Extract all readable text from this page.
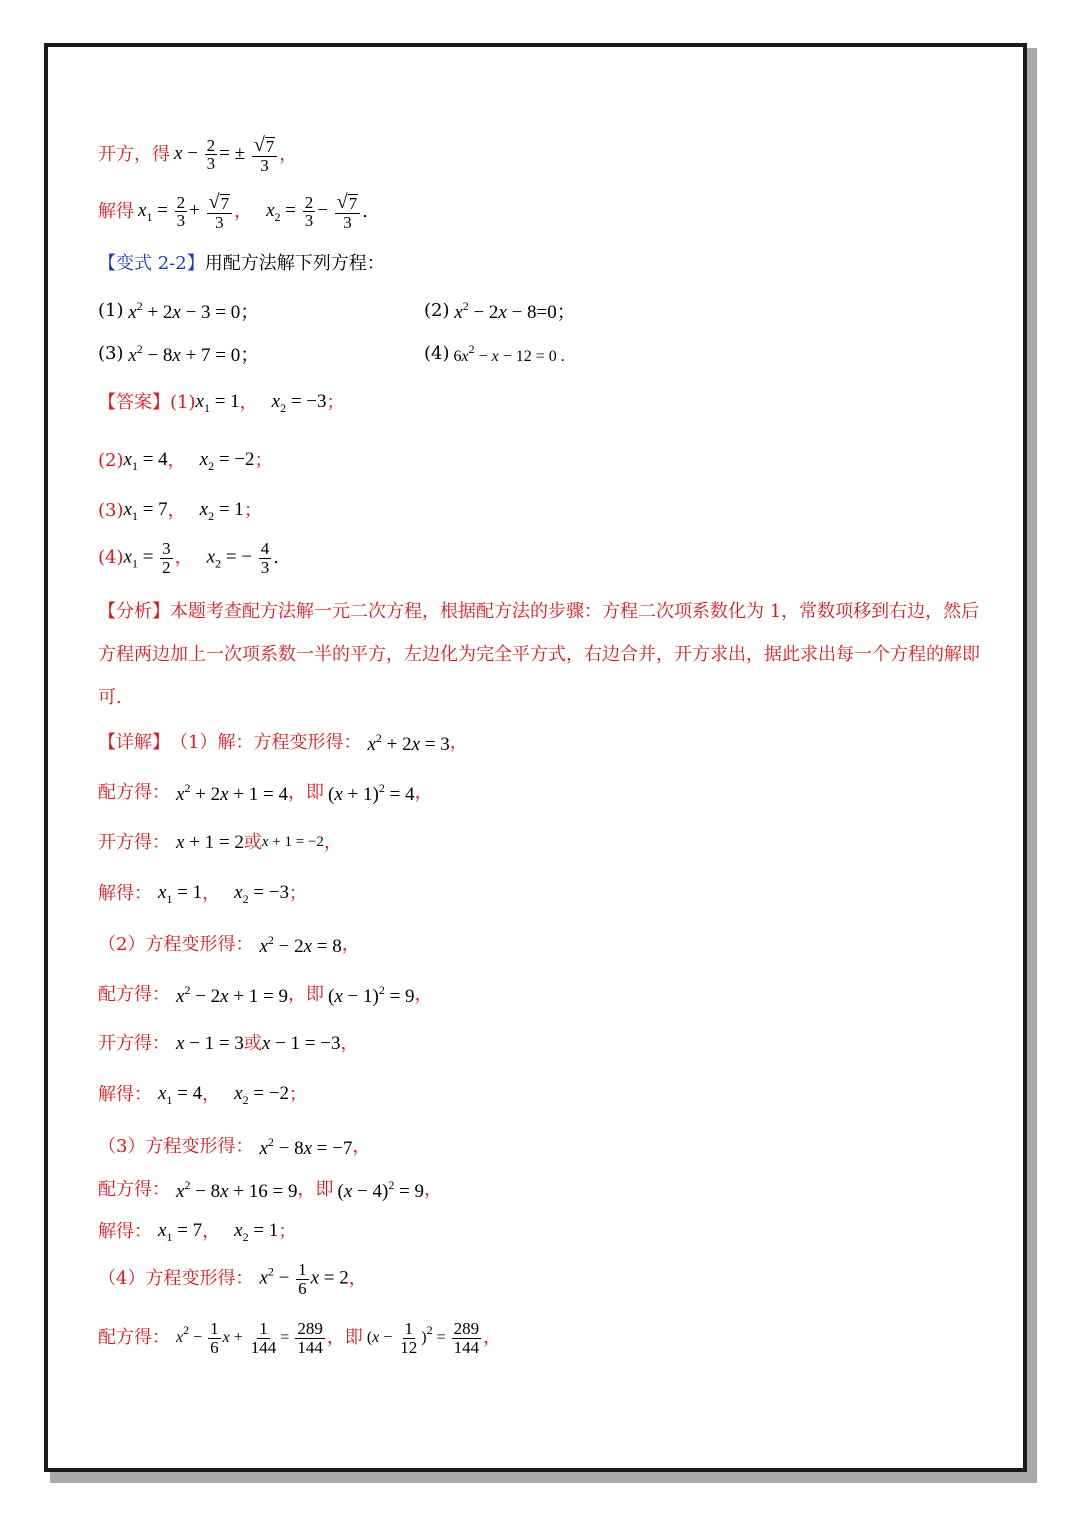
开方，得 $x - \frac{2}{3}$ = ± $\frac{√ 7}{3}$ ，
解得 $x_1 = \frac{2}{3} + \frac{√ 7}{3}$ ， $x_2 = \frac{2}{3} - \frac{√ 7}{3}$ .
【变式 2-2】 用配方法解下列方程：
(1) $x^2 + 2x - 3 = 0$；	(2) $x^2 - 2x - 8=0$；
(3) $x^2 - 8x + 7 = 0$；	(4) $6x^2 - x - 12 = 0$ .
【答案】 (1) $x_1 = 1$ ， $x_2 = -3$ ；
(2) $x_1 = 4$ ， $x_2 = -2$ ；
(3) $x_1 = 7$ ， $x_2 = 1$ ；
(4) $x_1 = \frac{3}{2}$ ， $x_2$ = − $\frac{4}{3}$ .
【分析】本题考查配方法解一元二次方程，根据配方法的步骤：方程二次项系数化为 1，常数项移到右边，然后方程两边加上一次项系数一半的平方，左边化为完全平方式，右边合并，开方求出，据此求出每一个方程的解即可.
【详解】 （1）解：方程变形得： $x^2 + 2x = 3$ ，
配方得： $x^2 + 2x + 1 = 4$ ， 即 $(x + 1)^2 = 4$ ，
开方得： x + 1 = 2 或 x + 1 = −2 ，
解得： $x_1 = 1$ ， $x_2 = -3$ ；
（2）方程变形得： $x^2 - 2x = 8$ ，
配方得： $x^2 - 2x + 1 = 9$ ， 即 $(x - 1)^2 = 9$ ，
开方得： x − 1 = 3 或 x − 1 = −3 ，
解得： $x_1 = 4$ ， $x_2 = -2$ ；
（3）方程变形得： $x^2 - 8x = -7$ ，
配方得： $x^2 - 8x + 16 = 9$ ， 即 $(x - 4)^2 = 9$ ，
解得： $x_1 = 7$ ， $x_2 = 1$ ；
（4）方程变形得： $x^2 - \frac{1}{6}$ x = 2 ，
配方得： $x^2 - \frac{1}{6}$ $x + \frac{1}{144} = \frac{289}{144}$ ， 即 $(x - \frac{1}{12} )^2 = \frac{289}{144}$ ，
